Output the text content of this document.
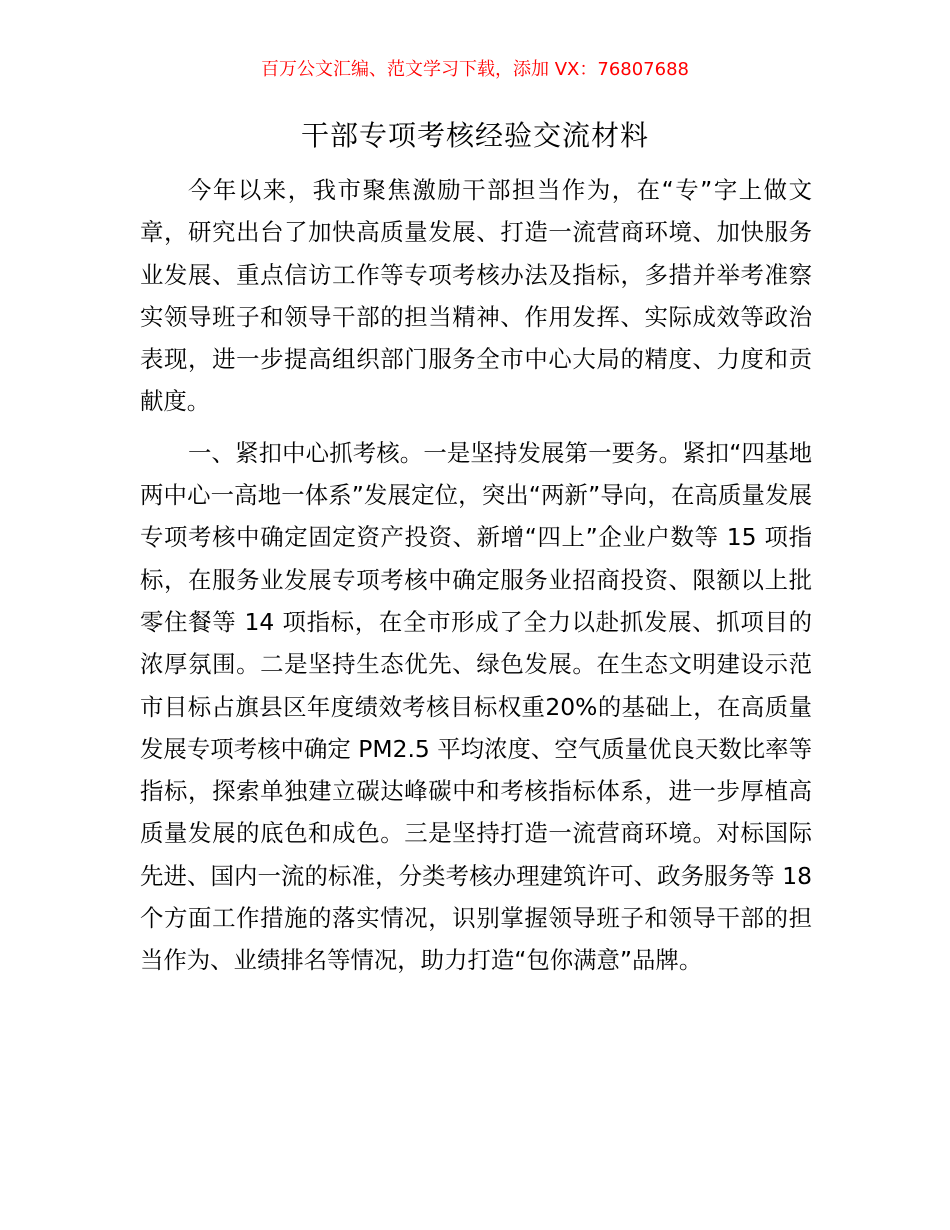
百万公文汇编、范文学习下载，添加 VX：76807688
干部专项考核经验交流材料

今年以来，我市聚焦激励干部担当作为，在“专”字上做文章，研究出台了加快高质量发展、打造一流营商环境、加快服务业发展、重点信访工作等专项考核办法及指标，多措并举考准察实领导班子和领导干部的担当精神、作用发挥、实际成效等政治表现，进一步提高组织部门服务全市中心大局的精度、力度和贡献度。

一、紧扣中心抓考核。一是坚持发展第一要务。紧扣“四基地两中心一高地一体系”发展定位，突出“两新”导向，在高质量发展专项考核中确定固定资产投资、新增“四上”企业户数等 15 项指标，在服务业发展专项考核中确定服务业招商投资、限额以上批零住餐等 14 项指标，在全市形成了全力以赴抓发展、抓项目的浓厚氛围。二是坚持生态优先、绿色发展。在生态文明建设示范市目标占旗县区年度绩效考核目标权重20%的基础上，在高质量发展专项考核中确定 PM2.5 平均浓度、空气质量优良天数比率等指标，探索单独建立碳达峰碳中和考核指标体系，进一步厚植高质量发展的底色和成色。三是坚持打造一流营商环境。对标国际先进、国内一流的标准，分类考核办理建筑许可、政务服务等 18 个方面工作措施的落实情况，识别掌握领导班子和领导干部的担当作为、业绩排名等情况，助力打造“包你满意”品牌。
